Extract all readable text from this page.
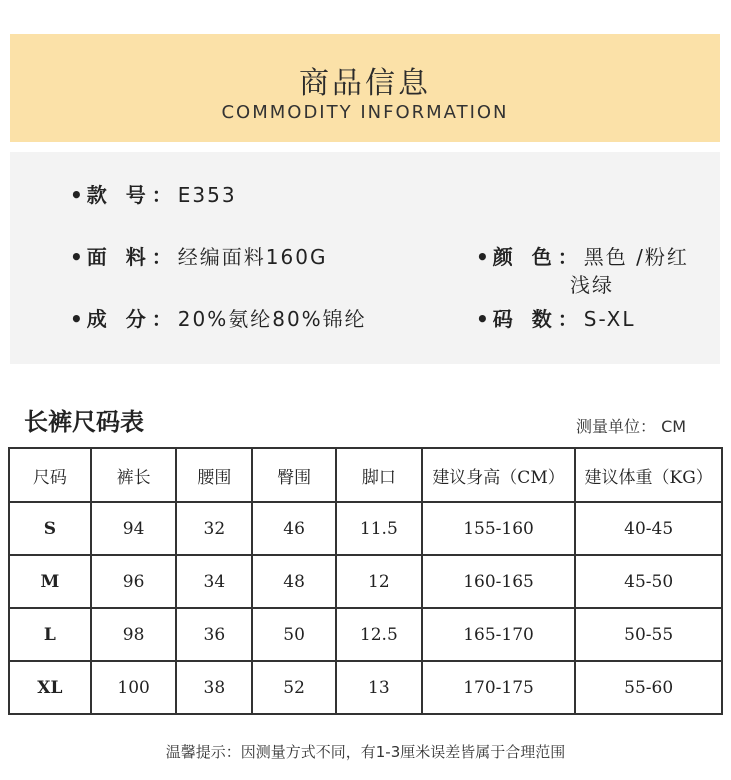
商品信息
COMMODITY INFORMATION
• 款 号：E353
• 面 料：经编面料160G	• 颜 色：黑色 /粉红
浅绿
• 成 分：20%氨纶80%锦纶	• 码 数：S-XL
长裤尺码表	测量单位： CM
尺码	裤长	腰围	臀围	脚口	建议身高（CM）	建议体重（KG）
S	94	32	46	11.5	155-160	40-45
M	96	34	48	12	160-165	45-50
L	98	36	50	12.5	165-170	50-55
XL	100	38	52	13	170-175	55-60
温馨提示：因测量方式不同，有1-3厘米误差皆属于合理范围
